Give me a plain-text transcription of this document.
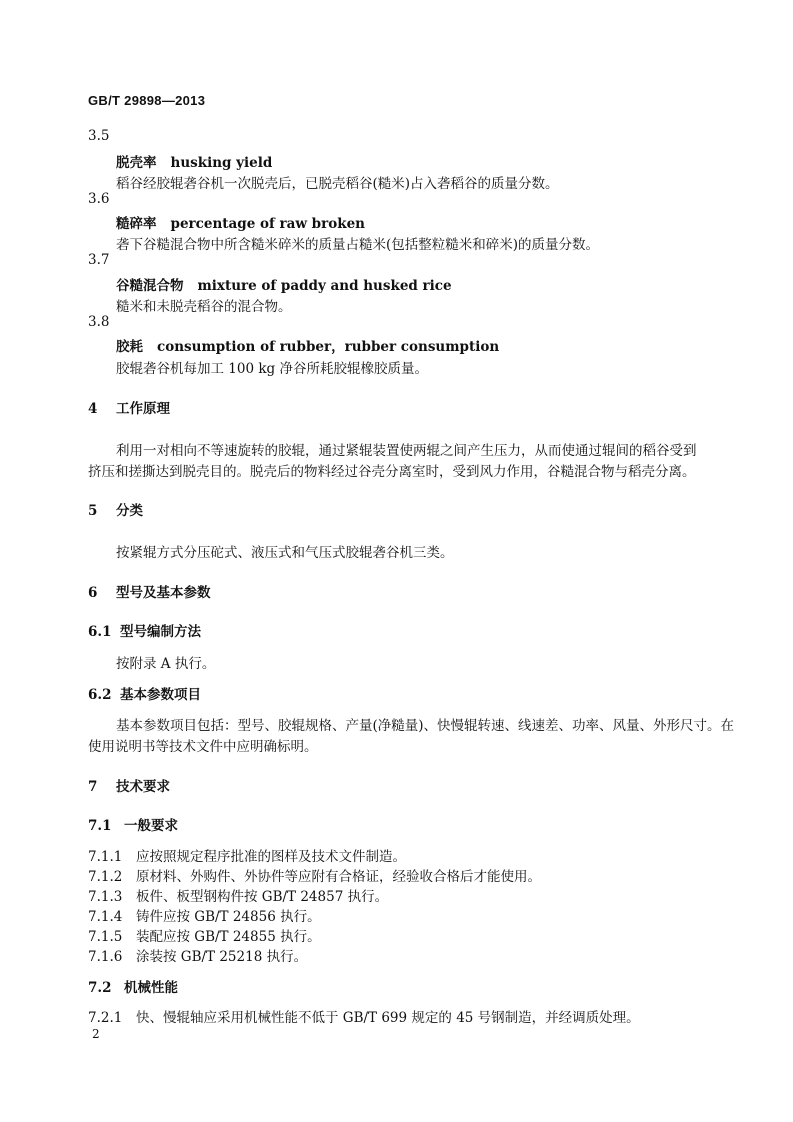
GB/T 29898—2013
3.5
脱壳率 husking yield
稻谷经胶辊砻谷机一次脱壳后，已脱壳稻谷(糙米)占入砻稻谷的质量分数。
3.6
糙碎率 percentage of raw broken
砻下谷糙混合物中所含糙米碎米的质量占糙米(包括整粒糙米和碎米)的质量分数。
3.7
谷糙混合物 mixture of paddy and husked rice
糙米和未脱壳稻谷的混合物。
3.8
胶耗 consumption of rubber，rubber consumption
胶辊砻谷机每加工 100 kg 净谷所耗胶辊橡胶质量。
4 工作原理
利用一对相向不等速旋转的胶辊，通过紧辊装置使两辊之间产生压力，从而使通过辊间的稻谷受到
挤压和搓撕达到脱壳目的。脱壳后的物料经过谷壳分离室时，受到风力作用，谷糙混合物与稻壳分离。
5 分类
按紧辊方式分压砣式、液压式和气压式胶辊砻谷机三类。
6 型号及基本参数
6.1 型号编制方法
按附录 A 执行。
6.2 基本参数项目
基本参数项目包括：型号、胶辊规格、产量(净糙量)、快慢辊转速、线速差、功率、风量、外形尺寸。在
使用说明书等技术文件中应明确标明。
7 技术要求
7.1 一般要求
7.1.1 应按照规定程序批准的图样及技术文件制造。
7.1.2 原材料、外购件、外协件等应附有合格证，经验收合格后才能使用。
7.1.3 板件、板型钢构件按 GB/T 24857 执行。
7.1.4 铸件应按 GB/T 24856 执行。
7.1.5 装配应按 GB/T 24855 执行。
7.1.6 涂装按 GB/T 25218 执行。
7.2 机械性能
7.2.1 快、慢辊轴应采用机械性能不低于 GB/T 699 规定的 45 号钢制造，并经调质处理。
2
